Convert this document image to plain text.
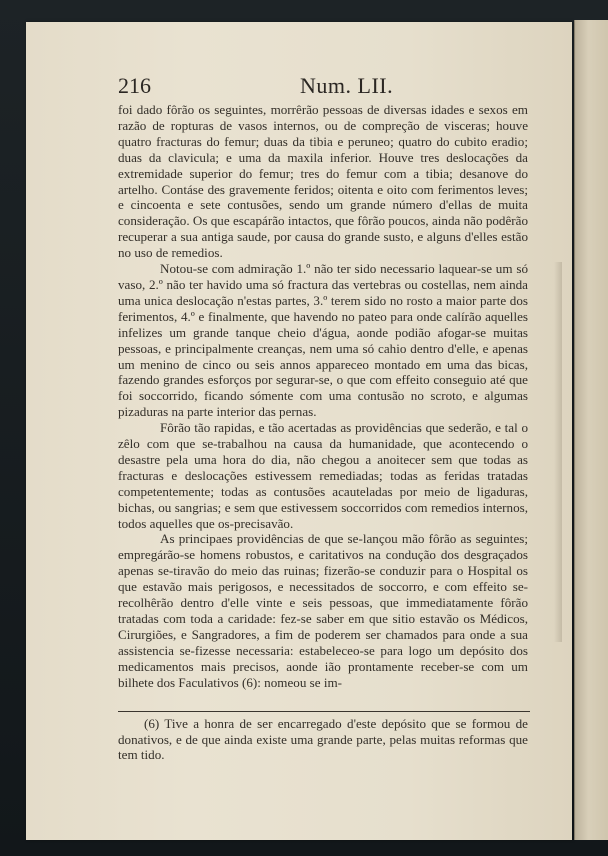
216	Num. LII.

foi dado fôrão os seguintes, morrêrão pessoas de diversas idades e sexos em razão de ropturas de vasos internos, ou de compreção de visceras; houve quatro fracturas do femur; duas da tibia e peruneo; quatro do cubito eradio; duas da clavicula; e uma da maxila inferior. Houve tres deslocações da extremidade superior do femur; tres do femur com a tibia; desanove do artelho. Contáse des gravemente feridos; oitenta e oito com ferimentos leves; e cincoenta e sete contusões, sendo um grande número d'ellas de muita consideração. Os que escapárão intactos, que fôrão poucos, ainda não podêrão recuperar a sua antiga saude, por causa do grande susto, e alguns d'elles estão no uso de remedios.

Notou-se com admiração 1.º não ter sido necessario laquear-se um só vaso, 2.º não ter havido uma só fractura das vertebras ou costellas, nem ainda uma unica deslocação n'estas partes, 3.º terem sido no rosto a maior parte dos ferimentos, 4.º e finalmente, que havendo no pateo para onde calírão aquelles infelizes um grande tanque cheio d'água, aonde podião afogar-se muitas pessoas, e principalmente creanças, nem uma só cahio dentro d'elle, e apenas um menino de cinco ou seis annos appareceo montado em uma das bicas, fazendo grandes esforços por segurar-se, o que com effeito conseguio até que foi soccorrido, ficando sómente com uma contusão no scroto, e algumas pizaduras na parte interior das pernas.

Fôrão tão rapidas, e tão acertadas as providências que sederão, e tal o zêlo com que se-trabalhou na causa da humanidade, que acontecendo o desastre pela uma hora do dia, não chegou a anoitecer sem que todas as fracturas e deslocações estivessem remediadas; todas as feridas tratadas competentemente; todas as contusões acauteladas por meio de ligaduras, bichas, ou sangrias; e sem que estivessem soccorridos com remedios internos, todos aquelles que os-precisavão.

As principaes providências de que se-lançou mão fôrão as seguintes; empregárão-se homens robustos, e caritativos na condução dos desgraçados apenas se-tiravão do meio das ruinas; fizerão-se conduzir para o Hospital os que estavão mais perigosos, e necessitados de soccorro, e com effeito se-recolhêrão dentro d'elle vinte e seis pessoas, que immediatamente fôrão tratadas com toda a caridade: fez-se saber em que sitio estavão os Médicos, Cirurgiões, e Sangradores, a fim de poderem ser chamados para onde a sua assistencia se-fizesse necessaria: estabeleceo-se para logo um depósito dos medicamentos mais precisos, aonde ião prontamente receber-se com um bilhete dos Faculativos (6): nomeou se im-

(6) Tive a honra de ser encarregado d'este depósito que se formou de donativos, e de que ainda existe uma grande parte, pelas muitas reformas que tem tido.
